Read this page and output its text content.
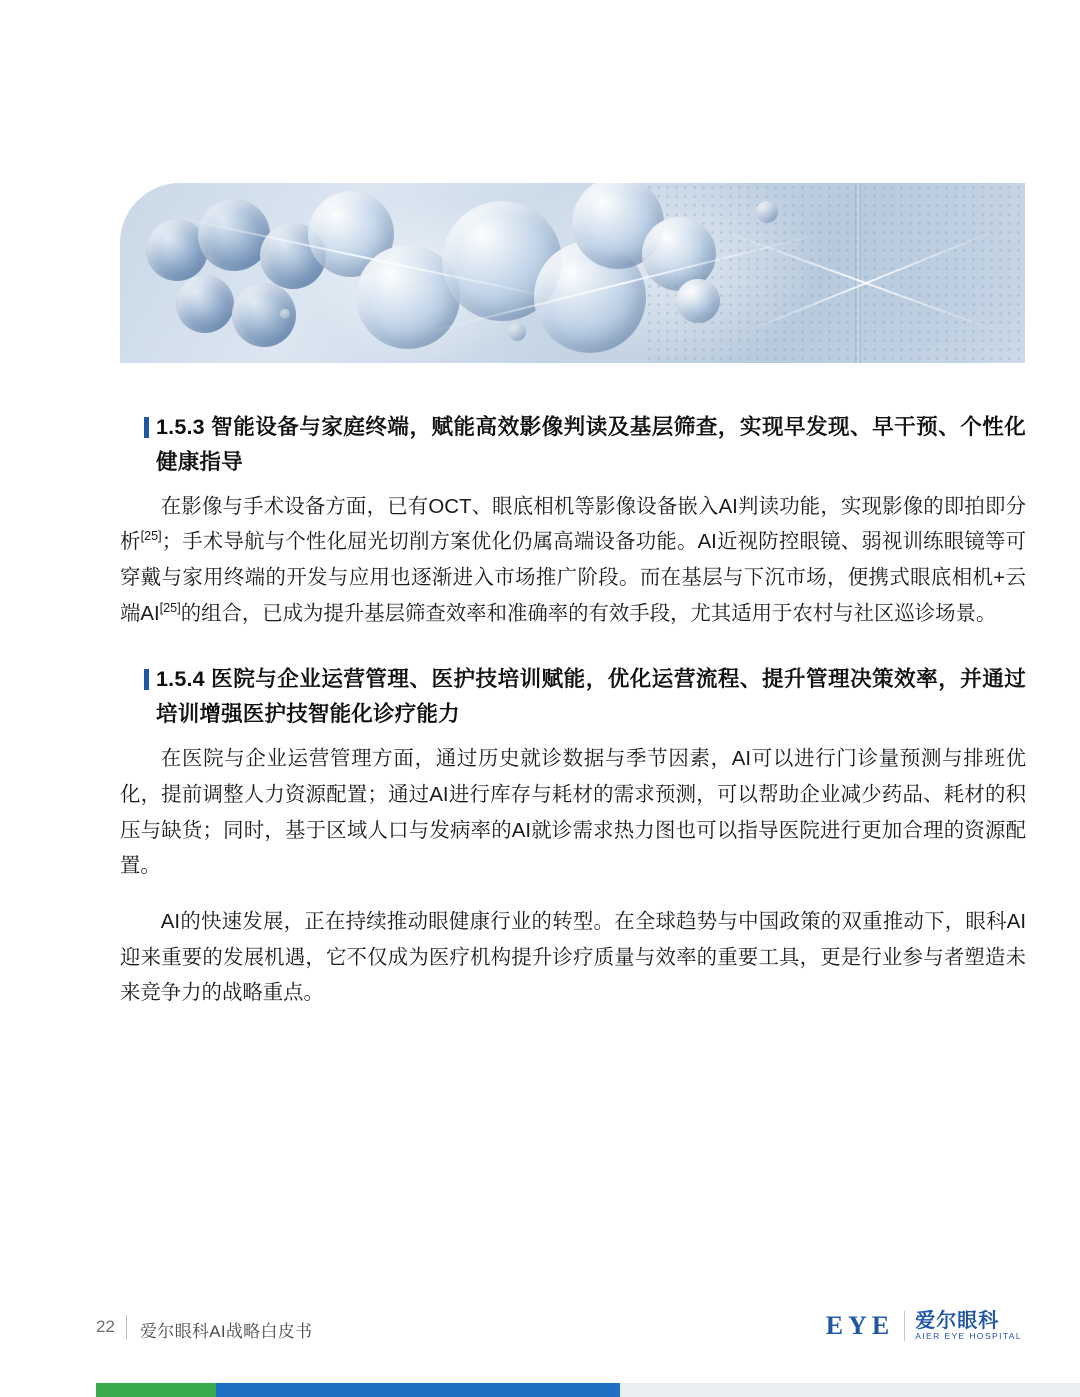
1.5.3 智能设备与家庭终端，赋能高效影像判读及基层筛查，实现早发现、早干预、个性化健康指导

在影像与手术设备方面，已有OCT、眼底相机等影像设备嵌入AI判读功能，实现影像的即拍即分析[25]；手术导航与个性化屈光切削方案优化仍属高端设备功能。AI近视防控眼镜、弱视训练眼镜等可穿戴与家用终端的开发与应用也逐渐进入市场推广阶段。而在基层与下沉市场，便携式眼底相机+云端AI[25]的组合，已成为提升基层筛查效率和准确率的有效手段，尤其适用于农村与社区巡诊场景。

1.5.4 医院与企业运营管理、医护技培训赋能，优化运营流程、提升管理决策效率，并通过培训增强医护技智能化诊疗能力

在医院与企业运营管理方面，通过历史就诊数据与季节因素，AI可以进行门诊量预测与排班优化，提前调整人力资源配置；通过AI进行库存与耗材的需求预测，可以帮助企业减少药品、耗材的积压与缺货；同时，基于区域人口与发病率的AI就诊需求热力图也可以指导医院进行更加合理的资源配置。

AI的快速发展，正在持续推动眼健康行业的转型。在全球趋势与中国政策的双重推动下，眼科AI迎来重要的发展机遇，它不仅成为医疗机构提升诊疗质量与效率的重要工具，更是行业参与者塑造未来竞争力的战略重点。

22 爱尔眼科AI战略白皮书	EYE 爱尔眼科
AIER EYE HOSPITAL
